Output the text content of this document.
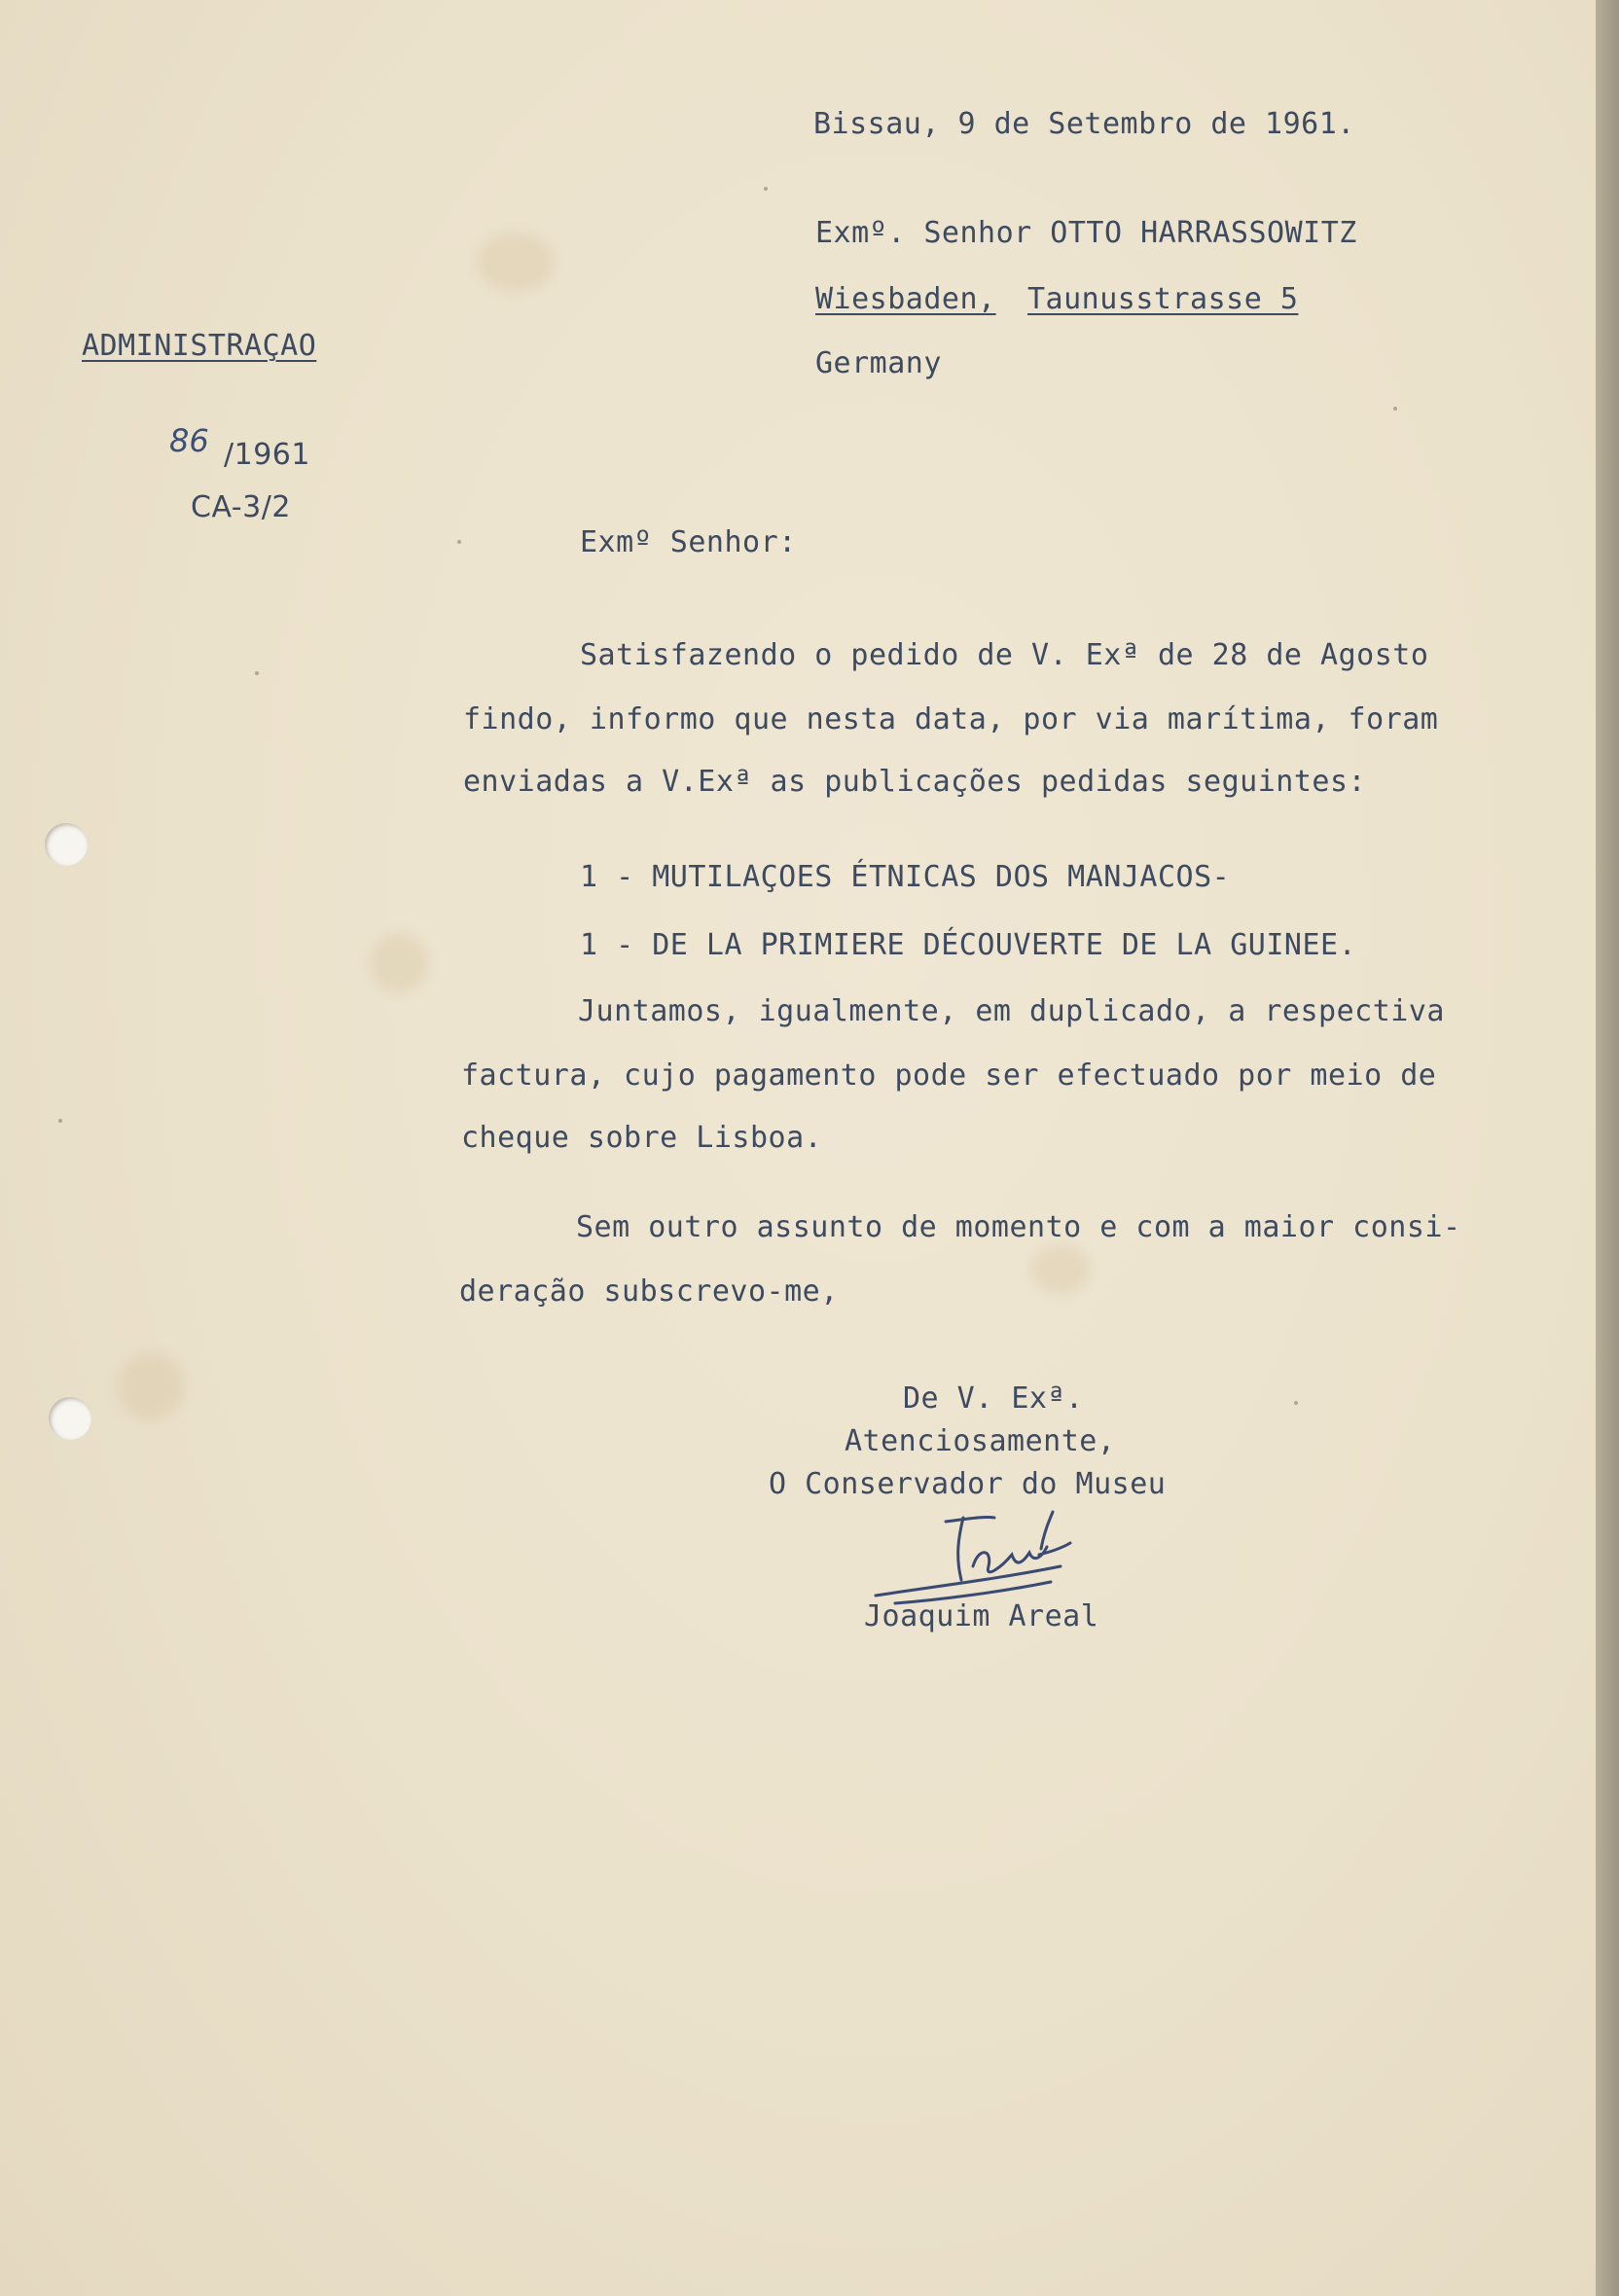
Bissau, 9 de Setembro de 1961.
Exmº. Senhor OTTO HARRASSOWITZ
Wiesbaden, Taunusstrasse 5
Germany
ADMINISTRAÇAO
86 /1961
CA-3/2
Exmº Senhor:
Satisfazendo o pedido de V. Exª de 28 de Agosto
findo, informo que nesta data, por via marítima, foram
enviadas a V.Exª as publicações pedidas seguintes:
1 - MUTILAÇOES ÉTNICAS DOS MANJACOS-
1 - DE LA PRIMIERE DÉCOUVERTE DE LA GUINEE.
Juntamos, igualmente, em duplicado, a respectiva
factura, cujo pagamento pode ser efectuado por meio de
cheque sobre Lisboa.
Sem outro assunto de momento e com a maior consi-
deração subscrevo-me,
De V. Exª.
Atenciosamente,
O Conservador do Museu
Joaquim Areal
